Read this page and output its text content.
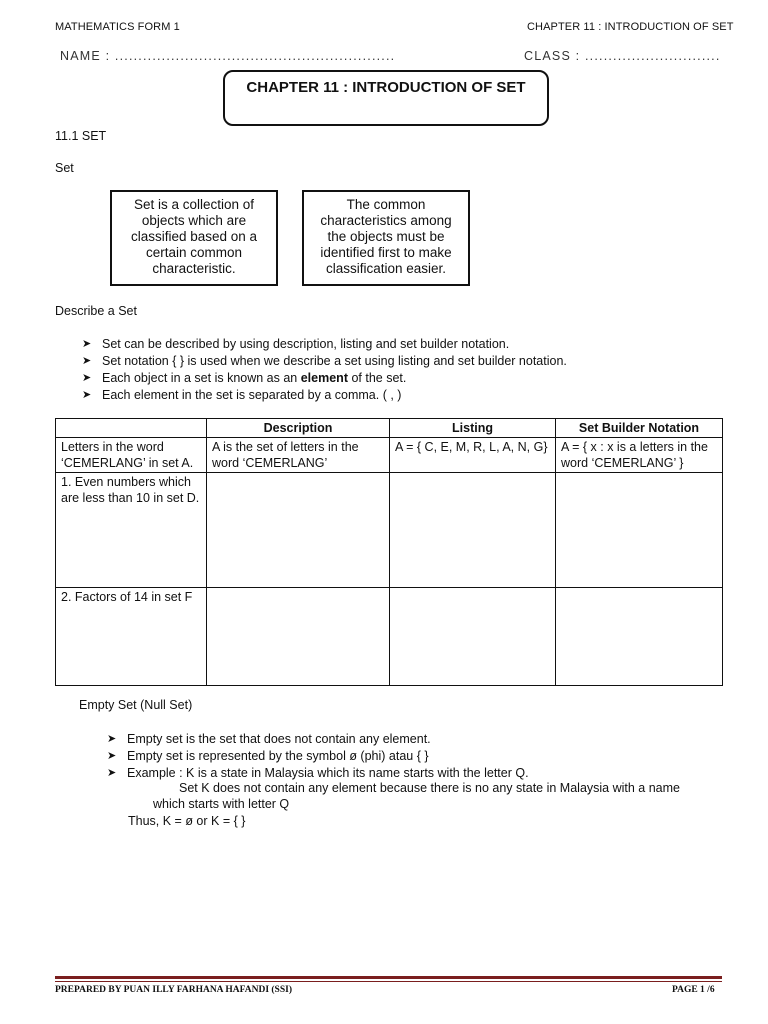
MATHEMATICS FORM 1	CHAPTER 11 : INTRODUCTION OF SET
NAME : ............................................................	CLASS : .............................
CHAPTER 11 : INTRODUCTION OF SET
11.1 SET
Set
Set is a collection of objects which are classified based on a certain common characteristic.
The common characteristics among the objects must be identified first to make classification easier.
Describe a Set
➤ Set can be described by using description, listing and set builder notation.
➤ Set notation { } is used when we describe a set using listing and set builder notation.
➤ Each object in a set is known as an element of the set.
➤ Each element in the set is separated by a comma. ( , )
	Description	Listing	Set Builder Notation
Letters in the word ‘CEMERLANG’ in set A.	A is the set of letters in the word ‘CEMERLANG’	A = { C, E, M, R, L, A, N, G}	A = { x : x is a letters in the word ‘CEMERLANG’ }
1. Even numbers which are less than 10 in set D.			
2. Factors of 14 in set F			
Empty Set (Null Set)
➤ Empty set is the set that does not contain any element.
➤ Empty set is represented by the symbol ø (phi) atau { }
➤ Example : K is a state in Malaysia which its name starts with the letter Q.
Set K does not contain any element because there is no any state in Malaysia with a name
which starts with letter Q
Thus, K = ø or K = { }
PREPARED BY PUAN ILLY FARHANA HAFANDI (SSI)	PAGE 1 /6
